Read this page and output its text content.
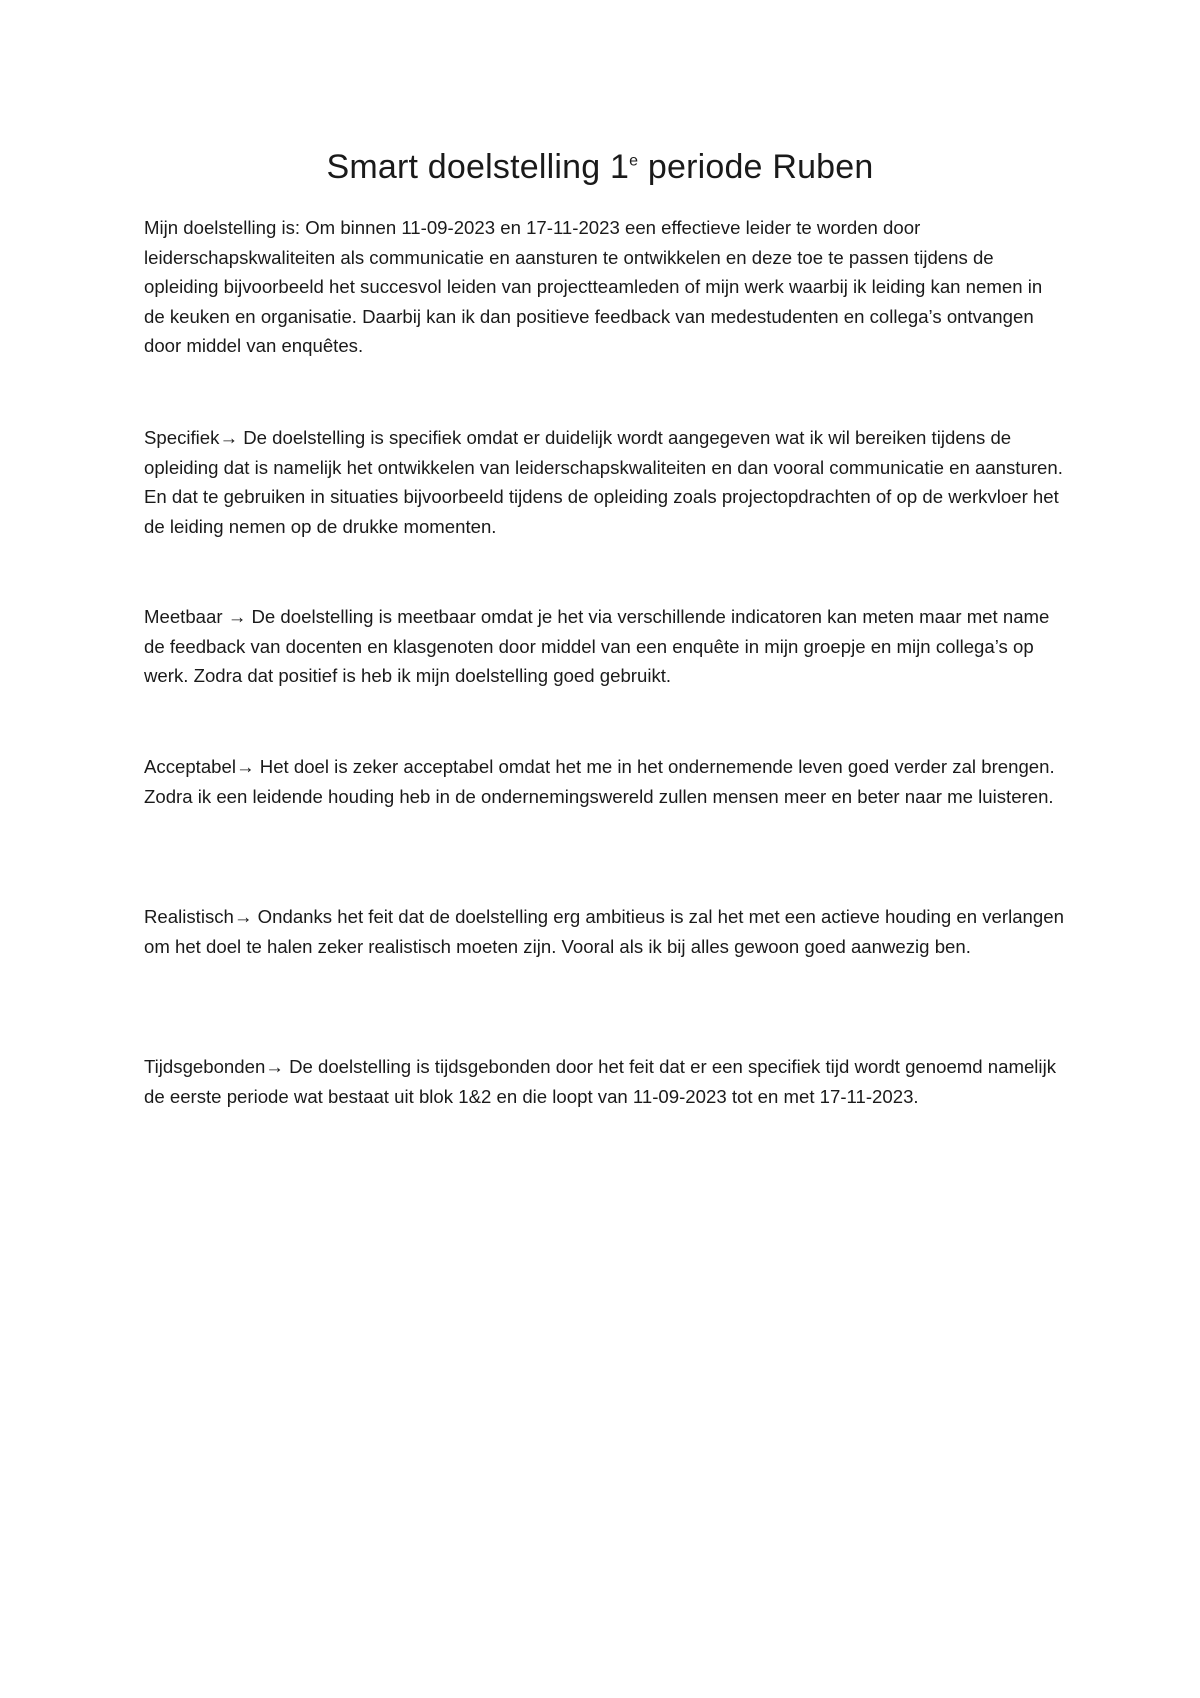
Smart doelstelling 1e periode Ruben

Mijn doelstelling is: Om binnen 11-09-2023 en 17-11-2023 een effectieve leider te worden door leiderschapskwaliteiten als communicatie en aansturen te ontwikkelen en deze toe te passen tijdens de opleiding bijvoorbeeld het succesvol leiden van projectteamleden of mijn werk waarbij ik leiding kan nemen in de keuken en organisatie. Daarbij kan ik dan positieve feedback van medestudenten en collega’s ontvangen door middel van enquêtes.

Specifiek→ De doelstelling is specifiek omdat er duidelijk wordt aangegeven wat ik wil bereiken tijdens de opleiding dat is namelijk het ontwikkelen van leiderschapskwaliteiten en dan vooral communicatie en aansturen. En dat te gebruiken in situaties bijvoorbeeld tijdens de opleiding zoals projectopdrachten of op de werkvloer het de leiding nemen op de drukke momenten.

Meetbaar → De doelstelling is meetbaar omdat je het via verschillende indicatoren kan meten maar met name de feedback van docenten en klasgenoten door middel van een enquête in mijn groepje en mijn collega’s op werk. Zodra dat positief is heb ik mijn doelstelling goed gebruikt.

Acceptabel→ Het doel is zeker acceptabel omdat het me in het ondernemende leven goed verder zal brengen. Zodra ik een leidende houding heb in de ondernemingswereld zullen mensen meer en beter naar me luisteren.

Realistisch→ Ondanks het feit dat de doelstelling erg ambitieus is zal het met een actieve houding en verlangen om het doel te halen zeker realistisch moeten zijn. Vooral als ik bij alles gewoon goed aanwezig ben.

Tijdsgebonden→ De doelstelling is tijdsgebonden door het feit dat er een specifiek tijd wordt genoemd namelijk de eerste periode wat bestaat uit blok 1&2 en die loopt van 11-09-2023 tot en met 17-11-2023.
